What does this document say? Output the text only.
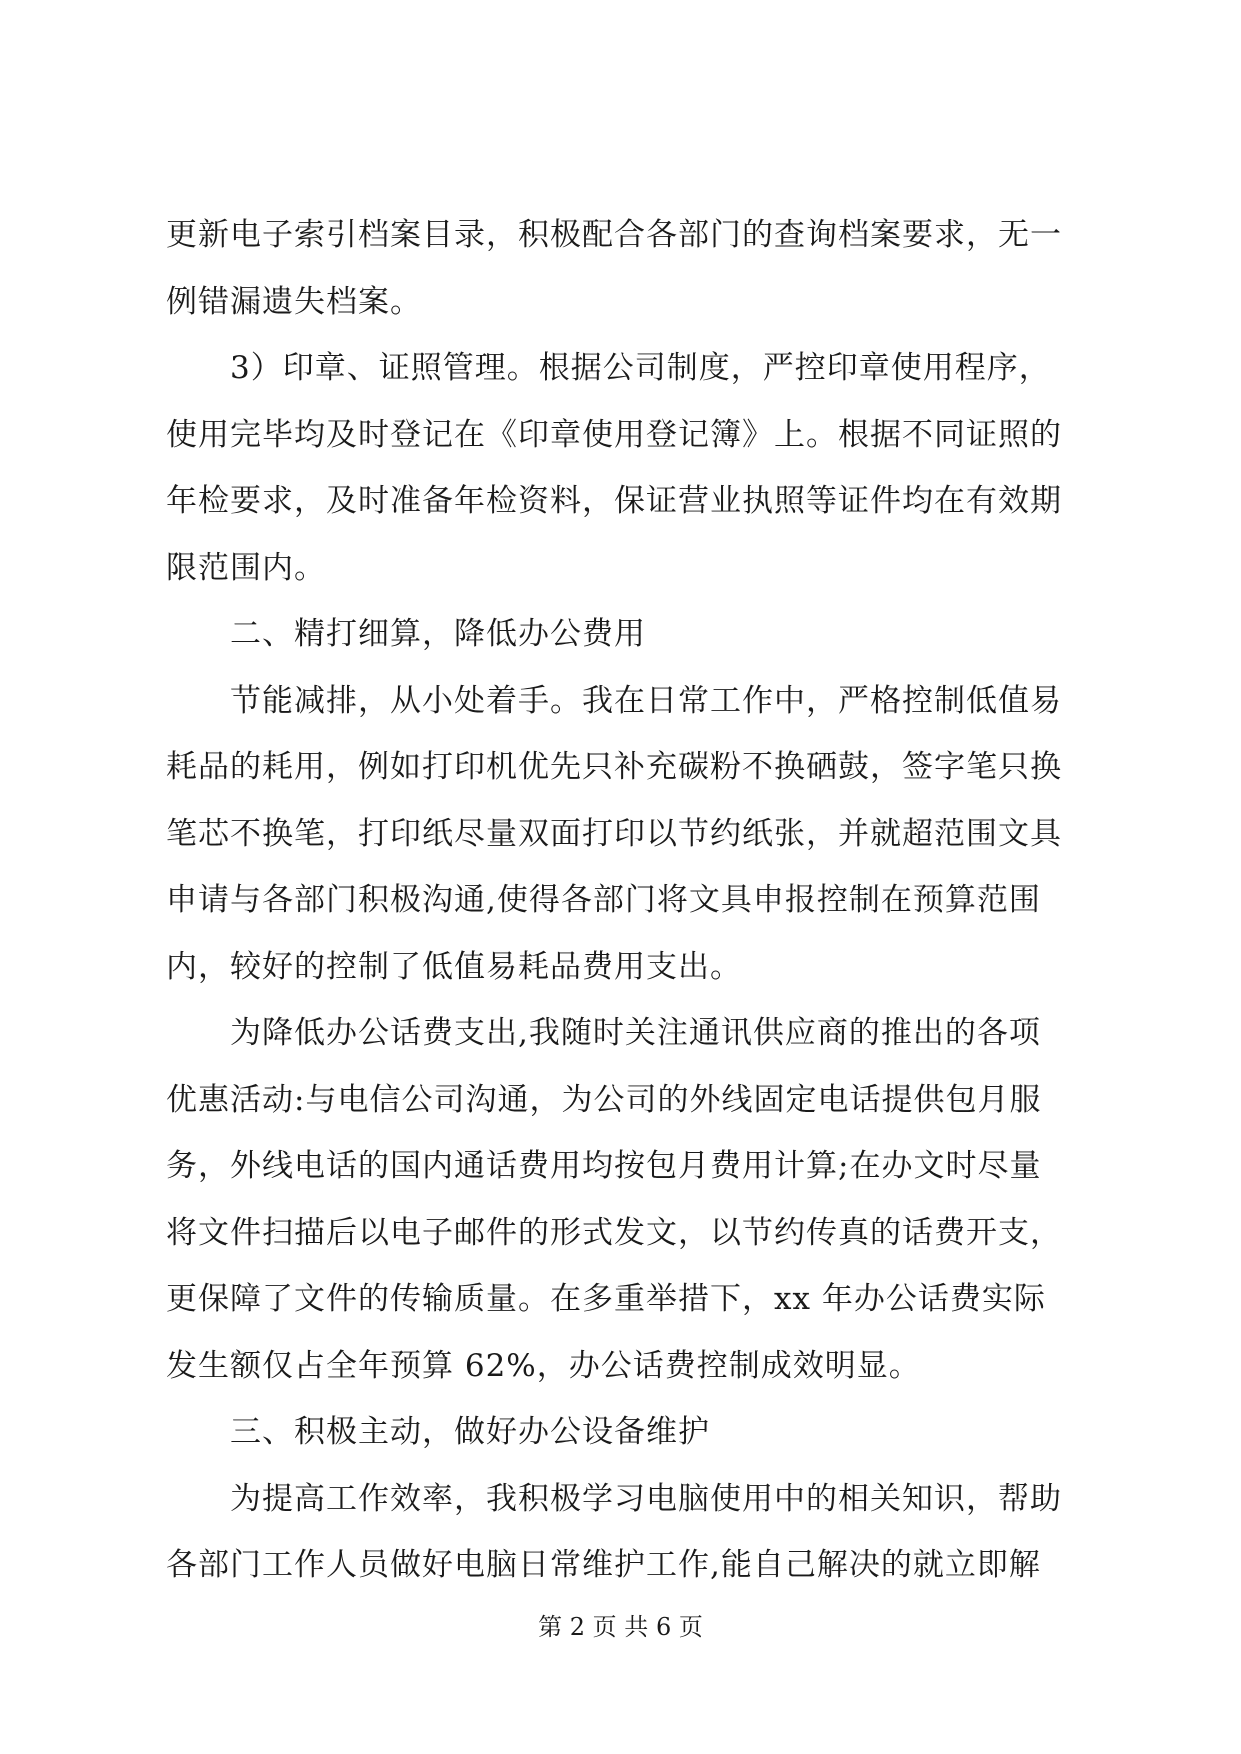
更新电子索引档案目录，积极配合各部门的查询档案要求，无一
例错漏遗失档案。

3）印章、证照管理。根据公司制度，严控印章使用程序，
使用完毕均及时登记在《印章使用登记簿》上。根据不同证照的
年检要求，及时准备年检资料，保证营业执照等证件均在有效期
限范围内。

二、精打细算，降低办公费用

节能减排，从小处着手。我在日常工作中，严格控制低值易
耗品的耗用，例如打印机优先只补充碳粉不换硒鼓，签字笔只换
笔芯不换笔，打印纸尽量双面打印以节约纸张，并就超范围文具
申请与各部门积极沟通,使得各部门将文具申报控制在预算范围
内，较好的控制了低值易耗品费用支出。

为降低办公话费支出,我随时关注通讯供应商的推出的各项
优惠活动:与电信公司沟通，为公司的外线固定电话提供包月服
务，外线电话的国内通话费用均按包月费用计算;在办文时尽量
将文件扫描后以电子邮件的形式发文，以节约传真的话费开支，
更保障了文件的传输质量。在多重举措下，xx 年办公话费实际
发生额仅占全年预算 62%，办公话费控制成效明显。

三、积极主动，做好办公设备维护

为提高工作效率，我积极学习电脑使用中的相关知识，帮助
各部门工作人员做好电脑日常维护工作,能自己解决的就立即解

第 2 页 共 6 页
